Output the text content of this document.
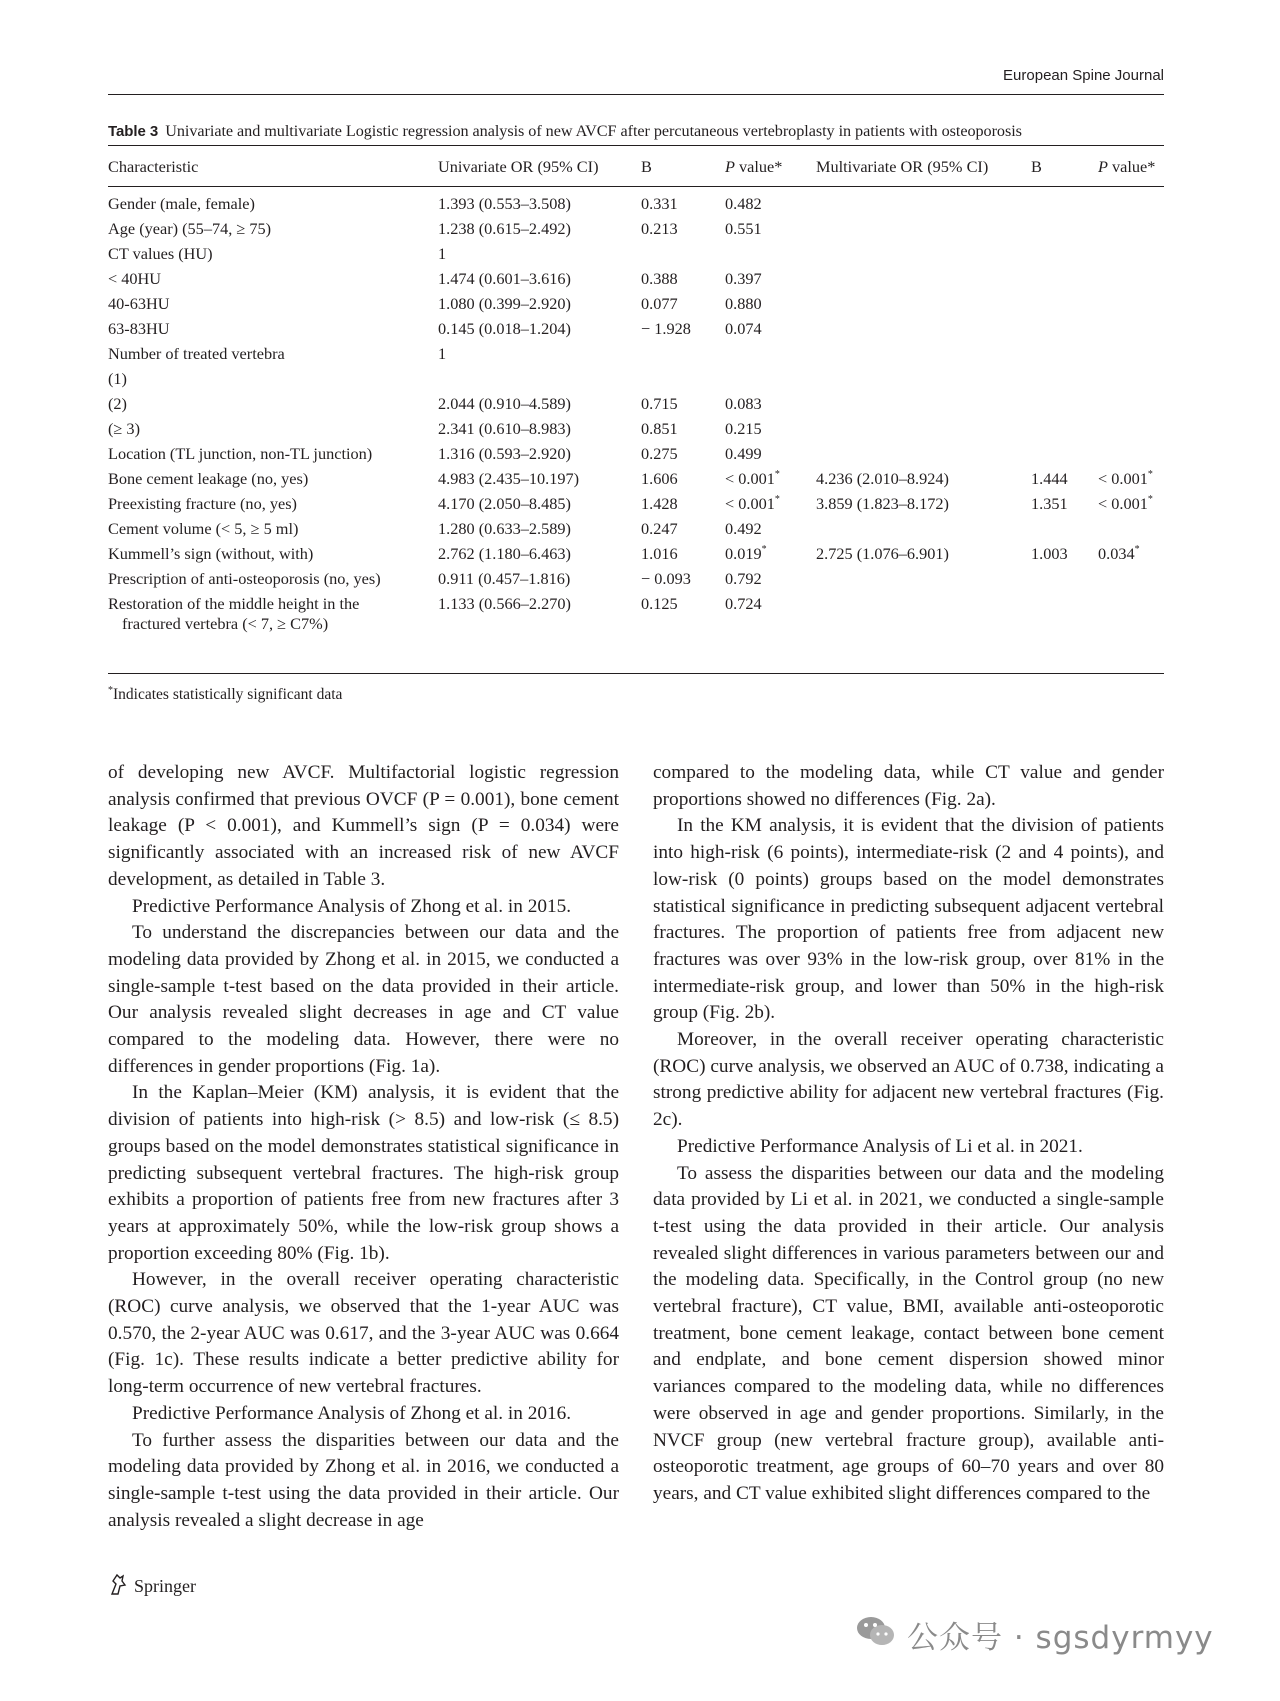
European Spine Journal
Table 3 Univariate and multivariate Logistic regression analysis of new AVCF after percutaneous vertebroplasty in patients with osteoporosis
Characteristic	Univariate OR (95% CI)	B	P value* Multivariate OR (95% CI)	B	P value*
Gender (male, female)	1.393 (0.553–3.508)	0.331	0.482
Age (year) (55–74, ≥ 75)	1.238 (0.615–2.492)	0.213	0.551
CT values (HU)	1
< 40HU	1.474 (0.601–3.616)	0.388	0.397
40-63HU	1.080 (0.399–2.920)	0.077	0.880
63-83HU	0.145 (0.018–1.204)	− 1.928 0.074
Number of treated vertebra	1
(1)
(2)	2.044 (0.910–4.589)	0.715	0.083
(≥ 3)	2.341 (0.610–8.983)	0.851	0.215
Location (TL junction, non-TL junction)	1.316 (0.593–2.920)	0.275	0.499
Bone cement leakage (no, yes)	4.983 (2.435–10.197)	1.606	< 0.001* 4.236 (2.010–8.924)	1.444 < 0.001*
Preexisting fracture (no, yes)	4.170 (2.050–8.485)	1.428	< 0.001* 3.859 (1.823–8.172)	1.351 < 0.001*
Cement volume (< 5, ≥ 5 ml)	1.280 (0.633–2.589)	0.247	0.492
Kummell’s sign (without, with)	2.762 (1.180–6.463)	1.016	0.019*	2.725 (1.076–6.901)	1.003 0.034*
Prescription of anti-osteoporosis (no, yes)	0.911 (0.457–1.816)	− 0.093 0.792
Restoration of the middle height in the
fractured vertebra (< 7, ≥ C7%)
1.133 (0.566–2.270)	0.125	0.724
*Indicates statistically significant data

of developing new AVCF. Multifactorial logistic regression analysis confirmed that previous OVCF (P = 0.001), bone cement leakage (P < 0.001), and Kummell’s sign (P = 0.034) were significantly associated with an increased risk of new AVCF development, as detailed in Table 3.

Predictive Performance Analysis of Zhong et al. in 2015.

To understand the discrepancies between our data and the modeling data provided by Zhong et al. in 2015, we conducted a single-sample t-test based on the data provided in their article. Our analysis revealed slight decreases in age and CT value compared to the modeling data. However, there were no differences in gender proportions (Fig. 1a).

In the Kaplan–Meier (KM) analysis, it is evident that the division of patients into high-risk (> 8.5) and low-risk (≤ 8.5) groups based on the model demonstrates statistical significance in predicting subsequent vertebral fractures. The high-risk group exhibits a proportion of patients free from new fractures after 3 years at approximately 50%, while the low-risk group shows a proportion exceeding 80% (Fig. 1b).

However, in the overall receiver operating characteristic (ROC) curve analysis, we observed that the 1-year AUC was 0.570, the 2-year AUC was 0.617, and the 3-year AUC was 0.664 (Fig. 1c). These results indicate a better predictive ability for long-term occurrence of new vertebral fractures.

Predictive Performance Analysis of Zhong et al. in 2016.

To further assess the disparities between our data and the modeling data provided by Zhong et al. in 2016, we conducted a single-sample t-test using the data provided in their article. Our analysis revealed a slight decrease in age

compared to the modeling data, while CT value and gender proportions showed no differences (Fig. 2a).

In the KM analysis, it is evident that the division of patients into high-risk (6 points), intermediate-risk (2 and 4 points), and low-risk (0 points) groups based on the model demonstrates statistical significance in predicting subsequent adjacent vertebral fractures. The proportion of patients free from adjacent new fractures was over 93% in the low-risk group, over 81% in the intermediate-risk group, and lower than 50% in the high-risk group (Fig. 2b).

Moreover, in the overall receiver operating characteristic (ROC) curve analysis, we observed an AUC of 0.738, indicating a strong predictive ability for adjacent new vertebral fractures (Fig. 2c).

Predictive Performance Analysis of Li et al. in 2021.

To assess the disparities between our data and the modeling data provided by Li et al. in 2021, we conducted a single-sample t-test using the data provided in their article. Our analysis revealed slight differences in various parameters between our and the modeling data. Specifically, in the Control group (no new vertebral fracture), CT value, BMI, available anti-osteoporotic treatment, bone cement leakage, contact between bone cement and endplate, and bone cement dispersion showed minor variances compared to the modeling data, while no differences were observed in age and gender proportions. Similarly, in the NVCF group (new vertebral fracture group), available anti-osteoporotic treatment, age groups of 60–70 years and over 80 years, and CT value exhibited slight differences compared to the

Springer
公众号 · sgsdyrmyy
